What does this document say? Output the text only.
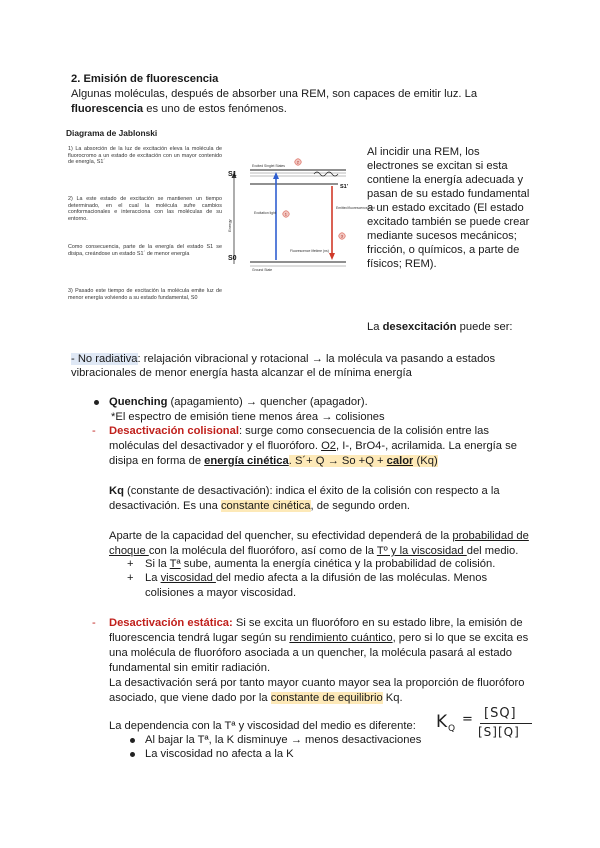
2. Emisión de fluorescencia
Algunas moléculas, después de absorber una REM, son capaces de emitir luz. La
fluorescencia es uno de estos fenómenos.
Diagrama de Jablonski
1) La absorción de la luz de excitación eleva la molécula de fluorocromo a un estado de excitación con un mayor contenido de energía, S1´
2) La este estado de excitación se mantienen un tiempo determinado, en el cual la molécula sufre cambios conformacionales e interacciona con las moléculas de su entorno.
Como consecuencia, parte de la energía del estado S1 se disipa, creándose un estado S1´ de menor energía
3) Pasado este tiempo de excitación la molécula emite luz de menor energía volviendo a su estado fundamental, S0
Energy
Excited Singlet States
Ground State
S1
S1'
S0
Excitation light
Emitted fluorescence light
Fluorescence lifetime (ns)
2
1
3
Al incidir una REM, los
electrones se excitan si esta
contiene la energía adecuada y
pasan de su estado fundamental
a un estado excitado (El estado
excitado también se puede crear
mediante sucesos mecánicos;
fricción, o químicos, a parte de
físicos; REM).
La desexcitación puede ser:
- No radiativa: relajación vibracional y rotacional → la molécula va pasando a estados
vibracionales de menor energía hasta alcanzar el de mínima energía
Quenching (apagamiento) → quencher (apagador).
*El espectro de emisión tiene menos área → colisiones
- Desactivación colisional: surge como consecuencia de la colisión entre las
moléculas del desactivador y el fluoróforo. O2, I-, BrO4-, acrilamida. La energía se
disipa en forma de energía cinética. S´+ Q → So +Q + calor (Kq)
Kq (constante de desactivación): indica el éxito de la colisión con respecto a la
desactivación. Es una constante cinética, de segundo orden.
Aparte de la capacidad del quencher, su efectividad dependerá de la probabilidad de
choque con la molécula del fluoróforo, así como de la Tº y la viscosidad del medio.
+ Si la Tª sube, aumenta la energía cinética y la probabilidad de colisión.
+ La viscosidad del medio afecta a la difusión de las moléculas. Menos
colisiones a mayor viscosidad.
- Desactivación estática: Si se excita un fluoróforo en su estado libre, la emisión de
fluorescencia tendrá lugar según su rendimiento cuántico, pero si lo que se excita es
una molécula de fluoróforo asociada a un quencher, la molécula pasará al estado
fundamental sin emitir radiación.
La desactivación será por tanto mayor cuanto mayor sea la proporción de fluoróforo
asociado, que viene dado por la constante de equilibrio Kq.
La dependencia con la Tª y viscosidad del medio es diferente:
Al bajar la Tª, la K disminuye → menos desactivaciones
La viscosidad no afecta a la K
K Q
= [SQ]
[S][Q]
